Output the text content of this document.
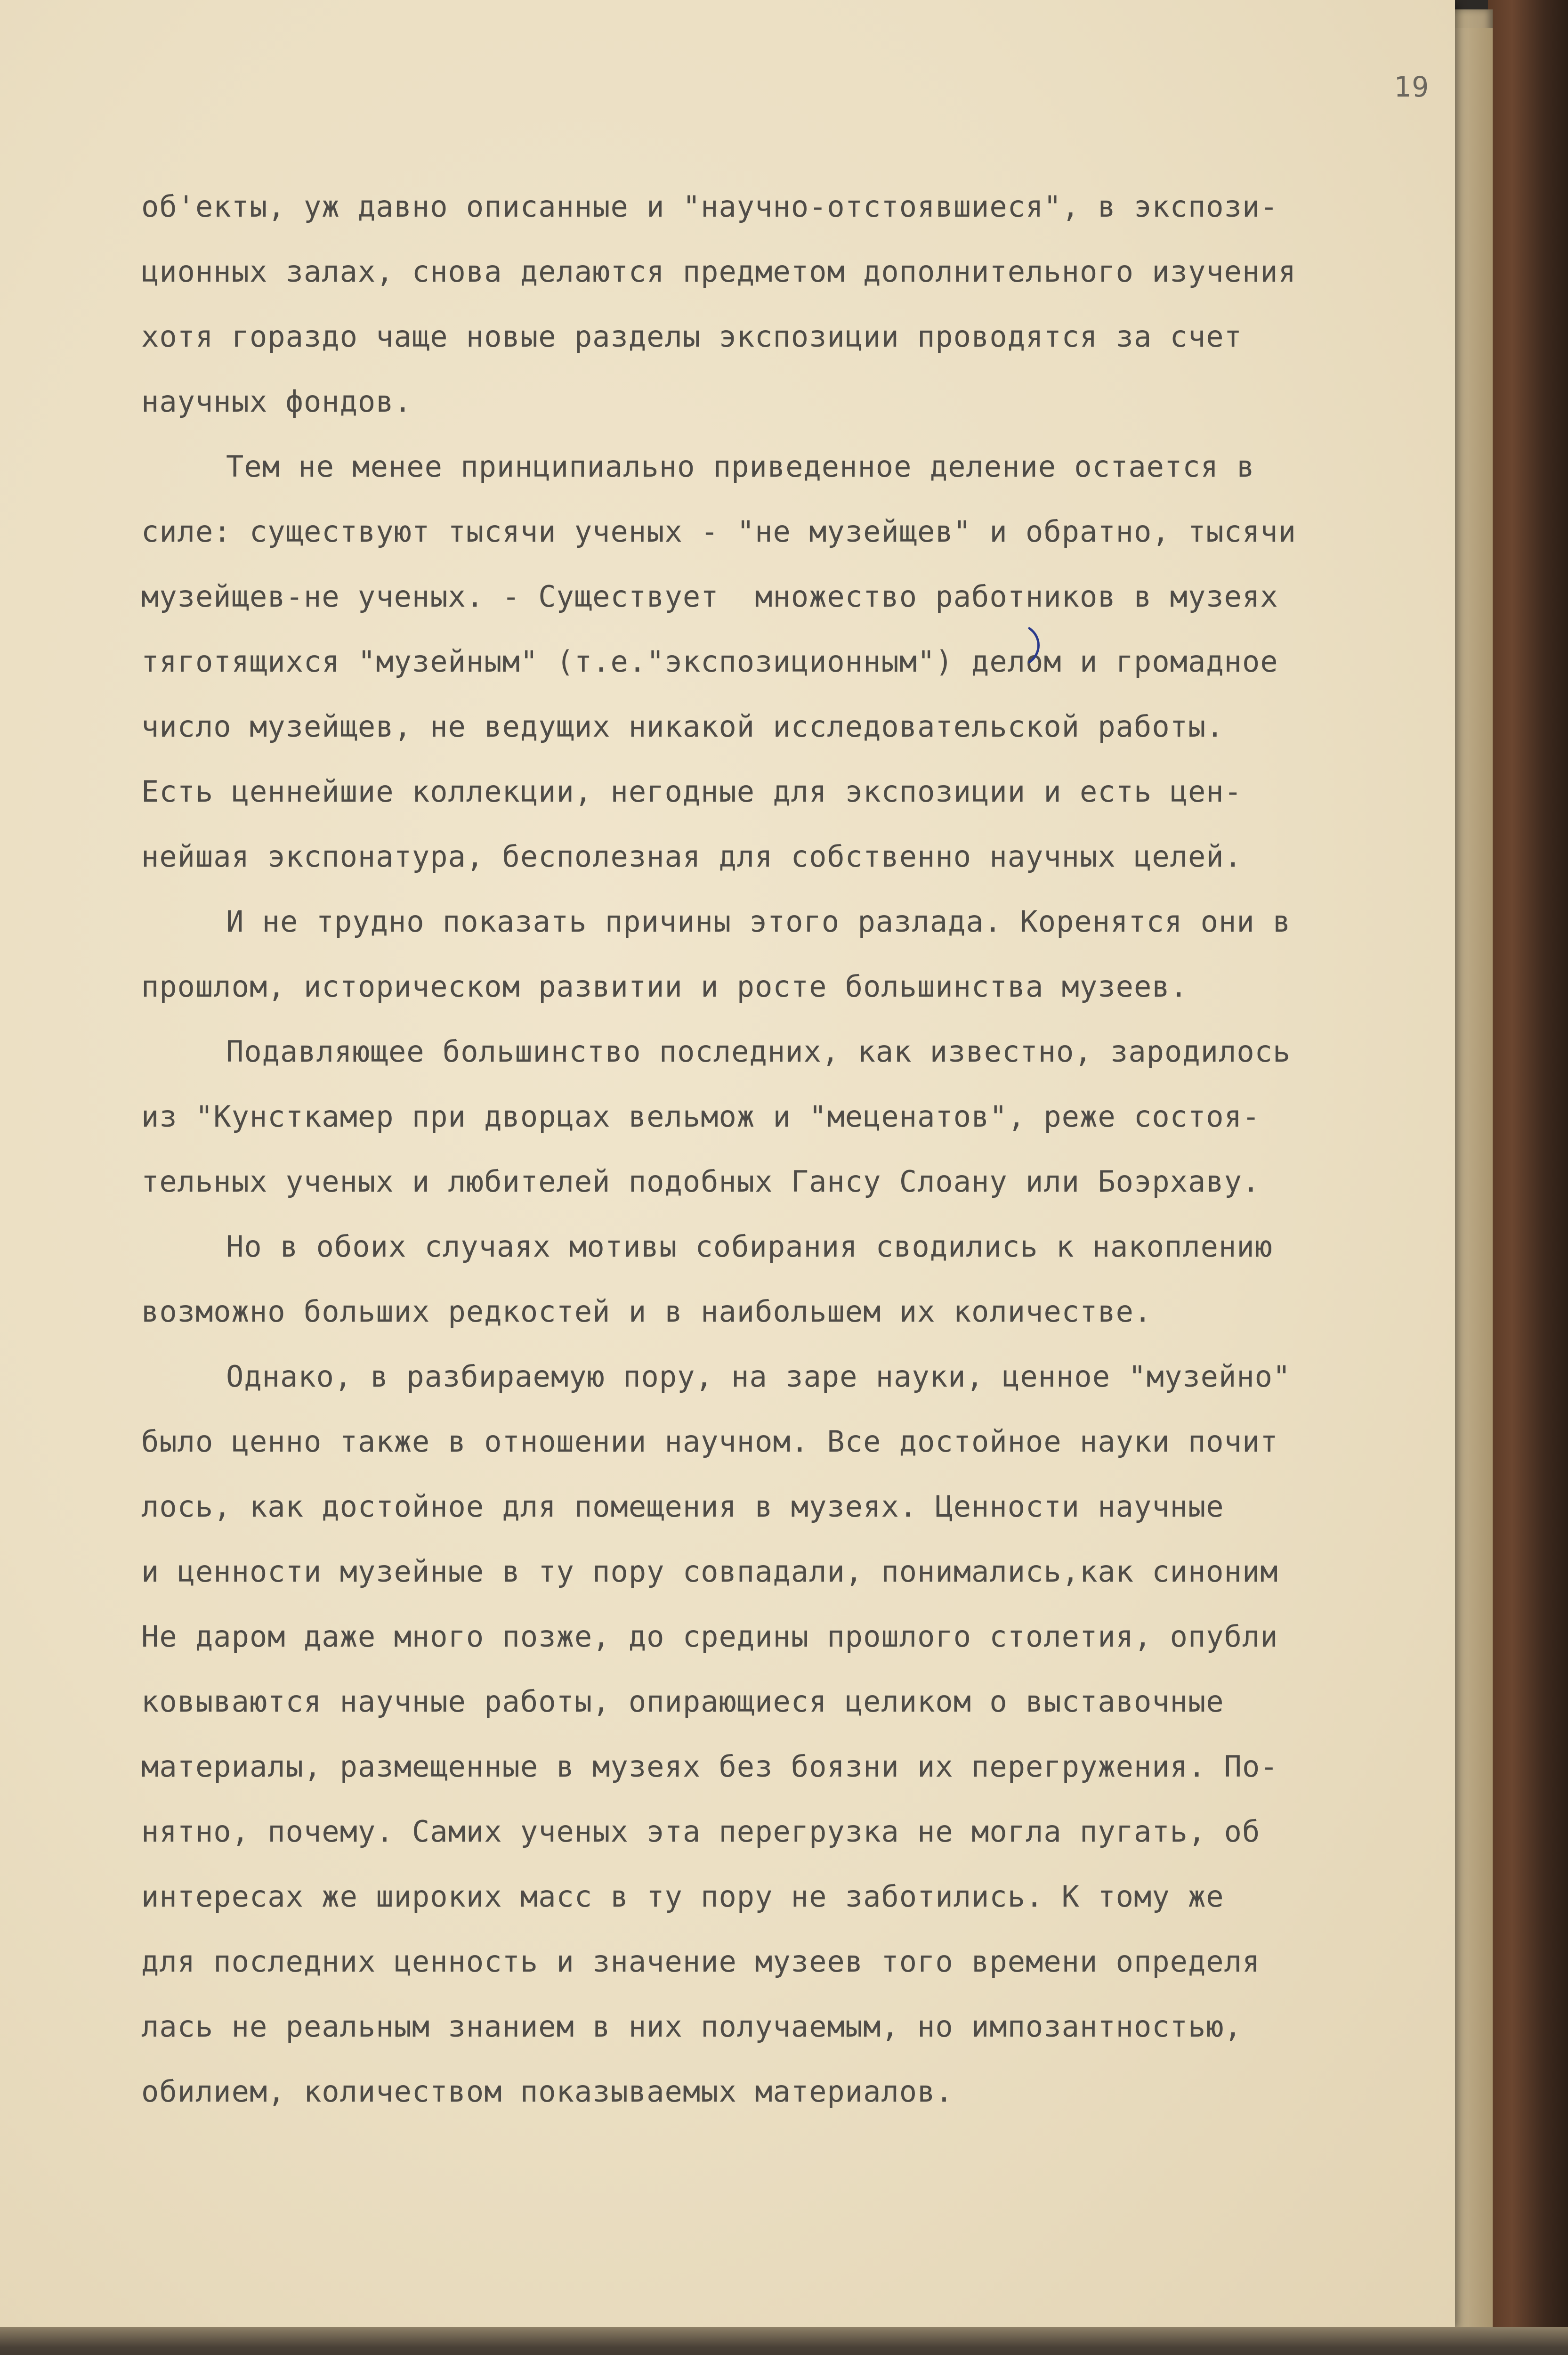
19
об'екты, уж давно описанные и "научно-отстоявшиеся", в экспози-
ционных залах, снова делаются предметом дополнительного изучения
хотя гораздо чаще новые разделы экспозиции проводятся за счет
научных фондов.
Тем не менее принципиально приведенное деление остается в
силе: существуют тысячи ученых - "не музейщев" и обратно, тысячи
музейщев-не ученых. - Существует  множество работников в музеях
тяготящихся "музейным" (т.е."экспозиционным") делом и громадное
число музейщев, не ведущих никакой исследовательской работы.
Есть ценнейшие коллекции, негодные для экспозиции и есть цен-
нейшая экспонатура, бесполезная для собственно научных целей.
И не трудно показать причины этого разлада. Коренятся они в
прошлом, историческом развитии и росте большинства музеев.
Подавляющее большинство последних, как известно, зародилось
из "Кунсткамер при дворцах вельмож и "меценатов", реже состоя-
тельных ученых и любителей подобных Гансу Слоану или Боэрхаву.
Но в обоих случаях мотивы собирания сводились к накоплению
возможно больших редкостей и в наибольшем их количестве.
Однако, в разбираемую пору, на заре науки, ценное "музейно"
было ценно также в отношении научном. Все достойное науки почит
лось, как достойное для помещения в музеях. Ценности научные
и ценности музейные в ту пору совпадали, понимались,как синоним
Не даром даже много позже, до средины прошлого столетия, опубли
ковываются научные работы, опирающиеся целиком о выставочные
материалы, размещенные в музеях без боязни их перегружения. По-
нятно, почему. Самих ученых эта перегрузка не могла пугать, об
интересах же широких масс в ту пору не заботились. К тому же
для последних ценность и значение музеев того времени определя
лась не реальным знанием в них получаемым, но импозантностью,
обилием, количеством показываемых материалов.
